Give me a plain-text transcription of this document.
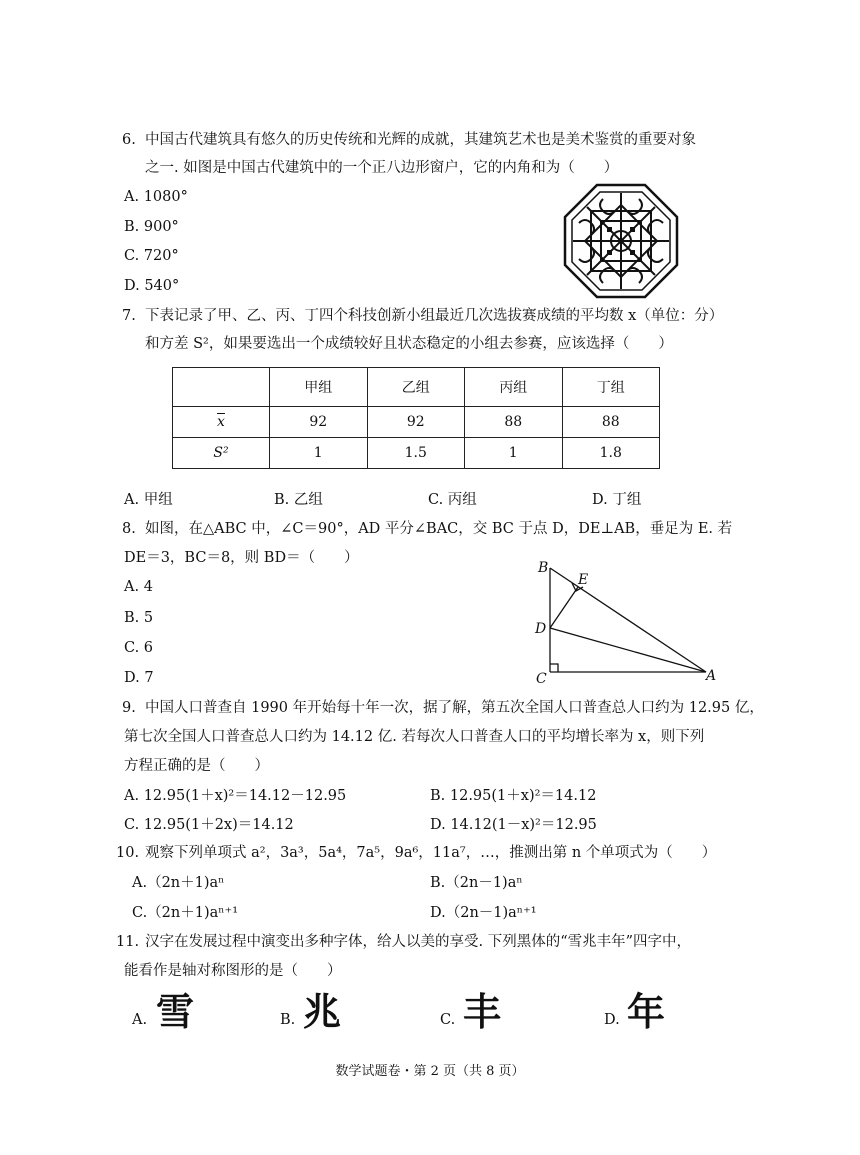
6. 中国古代建筑具有悠久的历史传统和光辉的成就，其建筑艺术也是美术鉴赏的重要对象
之一. 如图是中国古代建筑中的一个正八边形窗户，它的内角和为（　　）
A. 1080°
B. 900°
C. 720°
D. 540°
7. 下表记录了甲、乙、丙、丁四个科技创新小组最近几次选拔赛成绩的平均数 x（单位：分）
和方差 S²，如果要选出一个成绩较好且状态稳定的小组去参赛，应该选择（　　）
	甲组	乙组	丙组	丁组
$\overline{x}$	92	92	88	88
S²	1	1.5	1	1.8
A. 甲组	B. 乙组	C. 丙组	D. 丁组
8. 如图，在△ABC 中，∠C＝90°，AD 平分∠BAC，交 BC 于点 D，DE⊥AB，垂足为 E. 若
DE＝3，BC＝8，则 BD＝（　　）
A. 4
B. 5
C. 6
D. 7
B
E
D
C	A
9. 中国人口普查自 1990 年开始每十年一次，据了解，第五次全国人口普查总人口约为 12.95 亿，
第七次全国人口普查总人口约为 14.12 亿. 若每次人口普查人口的平均增长率为 x，则下列
方程正确的是（　　）
A. 12.95(1＋x)²＝14.12－12.95	B. 12.95(1＋x)²＝14.12
C. 12.95(1＋2x)＝14.12	D. 14.12(1－x)²＝12.95
10. 观察下列单项式 a²，3a³，5a⁴，7a⁵，9a⁶，11a⁷，…，推测出第 n 个单项式为（　　）
A.（2n＋1)aⁿ	B.（2n－1)aⁿ
C.（2n＋1)aⁿ⁺¹	D.（2n－1)aⁿ⁺¹
11. 汉字在发展过程中演变出多种字体，给人以美的享受. 下列黑体的“雪兆丰年”四字中，
能看作是轴对称图形的是（　　）
A. 雪	B. 兆	C. 丰	D. 年
数学试题卷・第 2 页（共 8 页）
